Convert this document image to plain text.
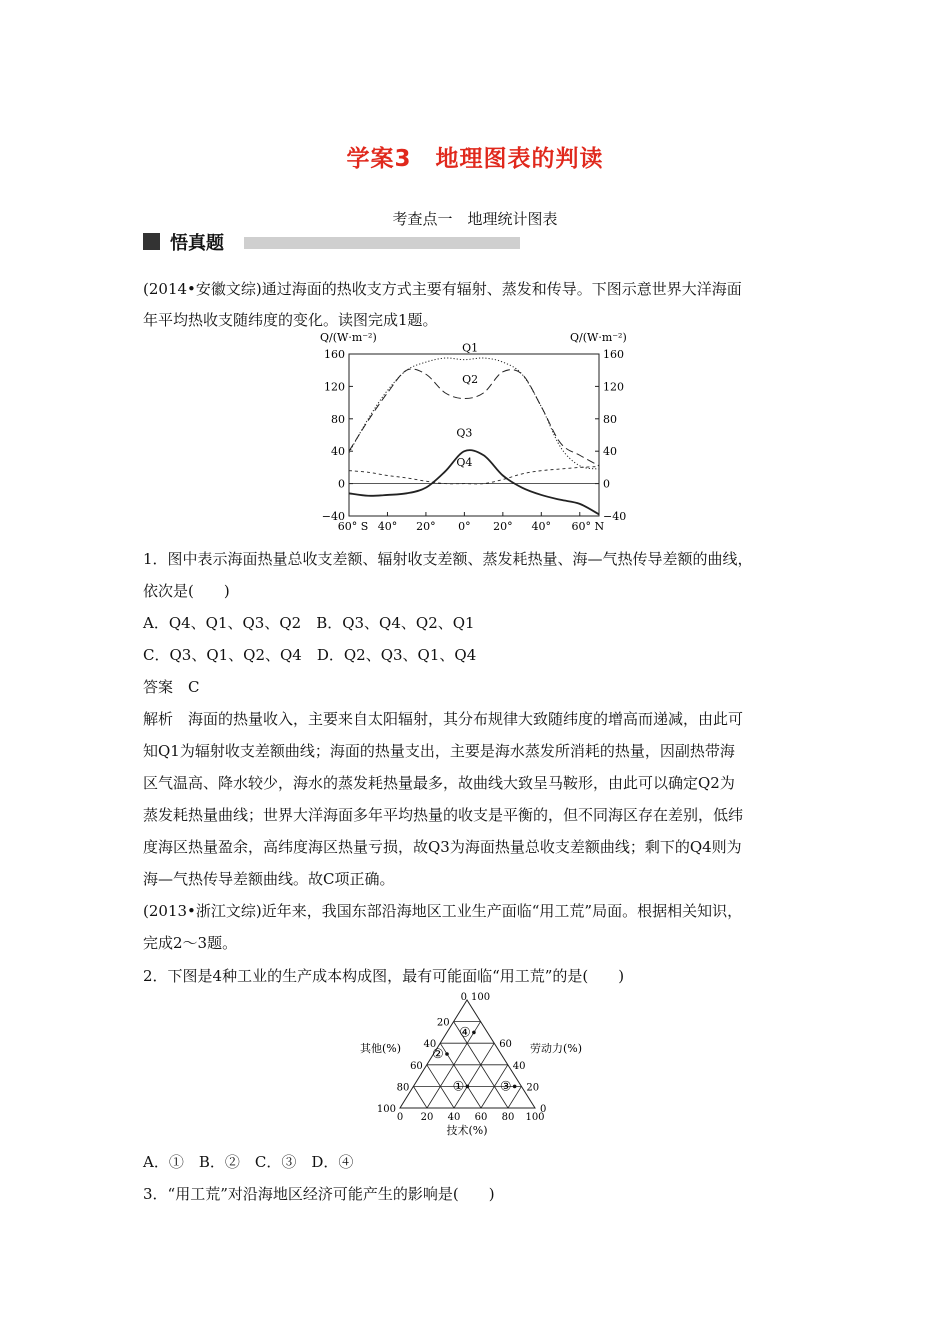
学案3　地理图表的判读
考查点一　地理统计图表
悟真题
(2014•安徽文综)通过海面的热收支方式主要有辐射、蒸发和传导。下图示意世界大洋海面
年平均热收支随纬度的变化。读图完成1题。
160	160
120	120
80	80
40	40
0	0
−40	−40
Q/(W·m⁻²)	Q/(W·m⁻²)
60° S 40° 20° 0° 20° 40° 60° N
Q1
Q2
Q3
Q4
1．图中表示海面热量总收支差额、辐射收支差额、蒸发耗热量、海—气热传导差额的曲线，
依次是(　　)
A．Q4、Q1、Q3、Q2　B．Q3、Q4、Q2、Q1
C．Q3、Q1、Q2、Q4　D．Q2、Q3、Q1、Q4
答案　C
解析　海面的热量收入，主要来自太阳辐射，其分布规律大致随纬度的增高而递减，由此可
知Q1为辐射收支差额曲线；海面的热量支出，主要是海水蒸发所消耗的热量，因副热带海
区气温高、降水较少，海水的蒸发耗热量最多，故曲线大致呈马鞍形，由此可以确定Q2为
蒸发耗热量曲线；世界大洋海面多年平均热量的收支是平衡的，但不同海区存在差别，低纬
度海区热量盈余，高纬度海区热量亏损，故Q3为海面热量总收支差额曲线；剩下的Q4则为
海—气热传导差额曲线。故C项正确。
(2013•浙江文综)近年来，我国东部沿海地区工业生产面临“用工荒”局面。根据相关知识，
完成2～3题。
2．下图是4种工业的生产成本构成图，最有可能面临“用工荒”的是(　　)
0 20 40 60 80 100
0
20
40
60
80
100
100
60
40
20
0
其他(%)	劳动力(%)
技术(%)
①
②
③
④
A．①　B．②　C．③　D．④
3．“用工荒”对沿海地区经济可能产生的影响是(　　)
